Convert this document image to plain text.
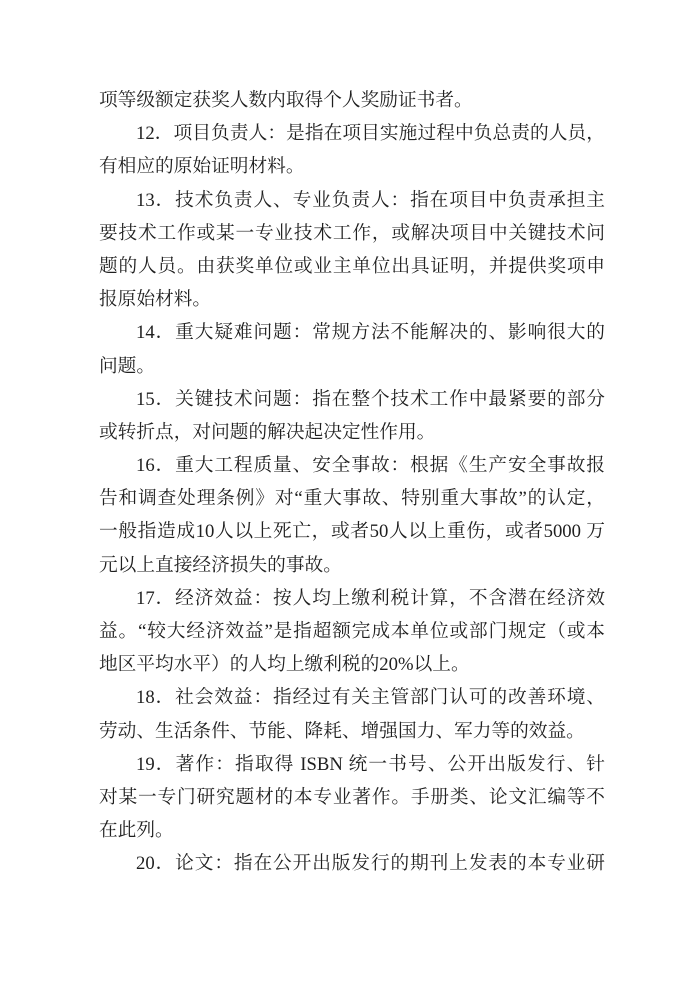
项等级额定获奖人数内取得个人奖励证书者。
12．项目负责人：是指在项目实施过程中负总责的人员，
有相应的原始证明材料。
13．技术负责人、专业负责人：指在项目中负责承担主
要技术工作或某一专业技术工作，或解决项目中关键技术问
题的人员。由获奖单位或业主单位出具证明，并提供奖项申
报原始材料。
14．重大疑难问题：常规方法不能解决的、影响很大的
问题。
15．关键技术问题：指在整个技术工作中最紧要的部分
或转折点，对问题的解决起决定性作用。
16．重大工程质量、安全事故：根据《生产安全事故报
告和调查处理条例》对“重大事故、特别重大事故”的认定，
一般指造成10人以上死亡，或者50人以上重伤，或者5000 万
元以上直接经济损失的事故。
17．经济效益：按人均上缴利税计算，不含潜在经济效
益。“较大经济效益”是指超额完成本单位或部门规定（或本
地区平均水平）的人均上缴利税的20%以上。
18．社会效益：指经过有关主管部门认可的改善环境、
劳动、生活条件、节能、降耗、增强国力、军力等的效益。
19．著作：指取得 ISBN 统一书号、公开出版发行、针
对某一专门研究题材的本专业著作。手册类、论文汇编等不
在此列。
20．论文：指在公开出版发行的期刊上发表的本专业研
